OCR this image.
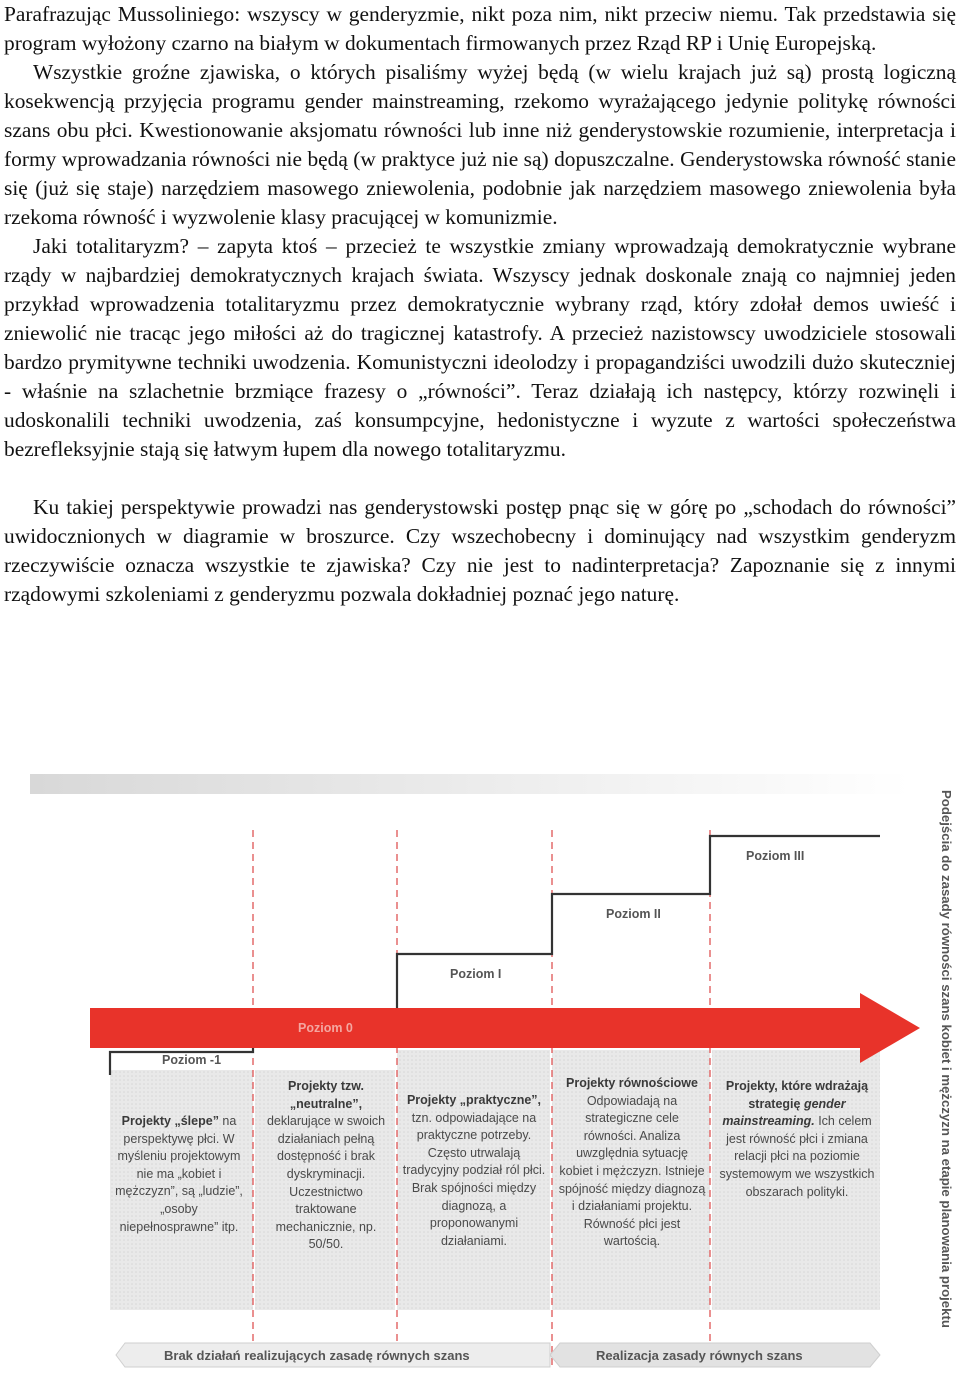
Parafrazując Mussoliniego: wszyscy w genderyzmie, nikt poza nim, nikt przeciw niemu. Tak przedstawia się program wyłożony czarno na białym w dokumentach firmowanych przez Rząd RP i Unię Europejską.

Wszystkie groźne zjawiska, o których pisaliśmy wyżej będą (w wielu krajach już są) prostą logiczną kosekwencją przyjęcia programu gender mainstreaming, rzekomo wyrażającego jedynie politykę równości szans obu płci. Kwestionowanie aksjomatu równości lub inne niż genderystowskie rozumienie, interpretacja i formy wprowadzania równości nie będą (w praktyce już nie są) dopuszczalne. Genderystowska równość stanie się (już się staje) narzędziem masowego zniewolenia, podobnie jak narzędziem masowego zniewolenia była rzekoma równość i wyzwolenie klasy pracującej w komunizmie.

Jaki totalitaryzm? – zapyta ktoś – przecież te wszystkie zmiany wprowadzają demokratycznie wybrane rządy w najbardziej demokratycznych krajach świata. Wszyscy jednak doskonale znają co najmniej jeden przykład wprowadzenia totalitaryzmu przez demokratycznie wybrany rząd, który zdołał demos uwieść i zniewolić nie tracąc jego miłości aż do tragicznej katastrofy. A przecież nazistowscy uwodziciele stosowali bardzo prymitywne techniki uwodzenia. Komunistyczni ideolodzy i propagandziści uwodzili dużo skuteczniej - właśnie na szlachetnie brzmiące frazesy o „równości”. Teraz działają ich następcy, którzy rozwinęli i udoskonalili techniki uwodzenia, zaś konsumpcyjne, hedonistyczne i wyzute z wartości społeczeństwa bezrefleksyjnie stają się łatwym łupem dla nowego totalitaryzmu.

Ku takiej perspektywie prowadzi nas genderystowski postęp pnąc się w górę po „schodach do równości” uwidocznionych w diagramie w broszurce. Czy wszechobecny i dominujący nad wszystkim genderyzm rzeczywiście oznacza wszystkie te zjawiska? Czy nie jest to nadinterpretacja? Zapoznanie się z innymi rządowymi szkoleniami z genderyzmu pozwala dokładniej poznać jego naturę.

Poziom -1
Poziom 0
Poziom I
Poziom II
Poziom III
Projekty „ślepe” na perspektywę płci. W myśleniu projektowym nie ma „kobiet i mężczyzn”, są „ludzie”, „osoby niepełnosprawne” itp.
Projekty tzw. „neutralne”, deklarujące w swoich działaniach pełną dostępność i brak dyskryminacji. Uczestnictwo traktowane mechanicznie, np. 50/50.
Projekty „praktyczne”, tzn. odpowiadające na praktyczne potrzeby. Często utrwalają tradycyjny podział ról płci. Brak spójności między diagnozą, a proponowanymi działaniami.
Projekty równościowe Odpowiadają na strategiczne cele równości. Analiza uwzględnia sytuację kobiet i mężczyzn. Istnieje spójność między diagnozą i działaniami projektu. Równość płci jest wartością.
Projekty, które wdrażają strategię gender mainstreaming. Ich celem jest równość płci i zmiana relacji płci na poziomie systemowym we wszystkich obszarach polityki.
Brak działań realizujących zasadę równych szans	Realizacja zasady równych szans
Podejścia do zasady równości szans kobiet i mężczyzn na etapie planowania projektu
